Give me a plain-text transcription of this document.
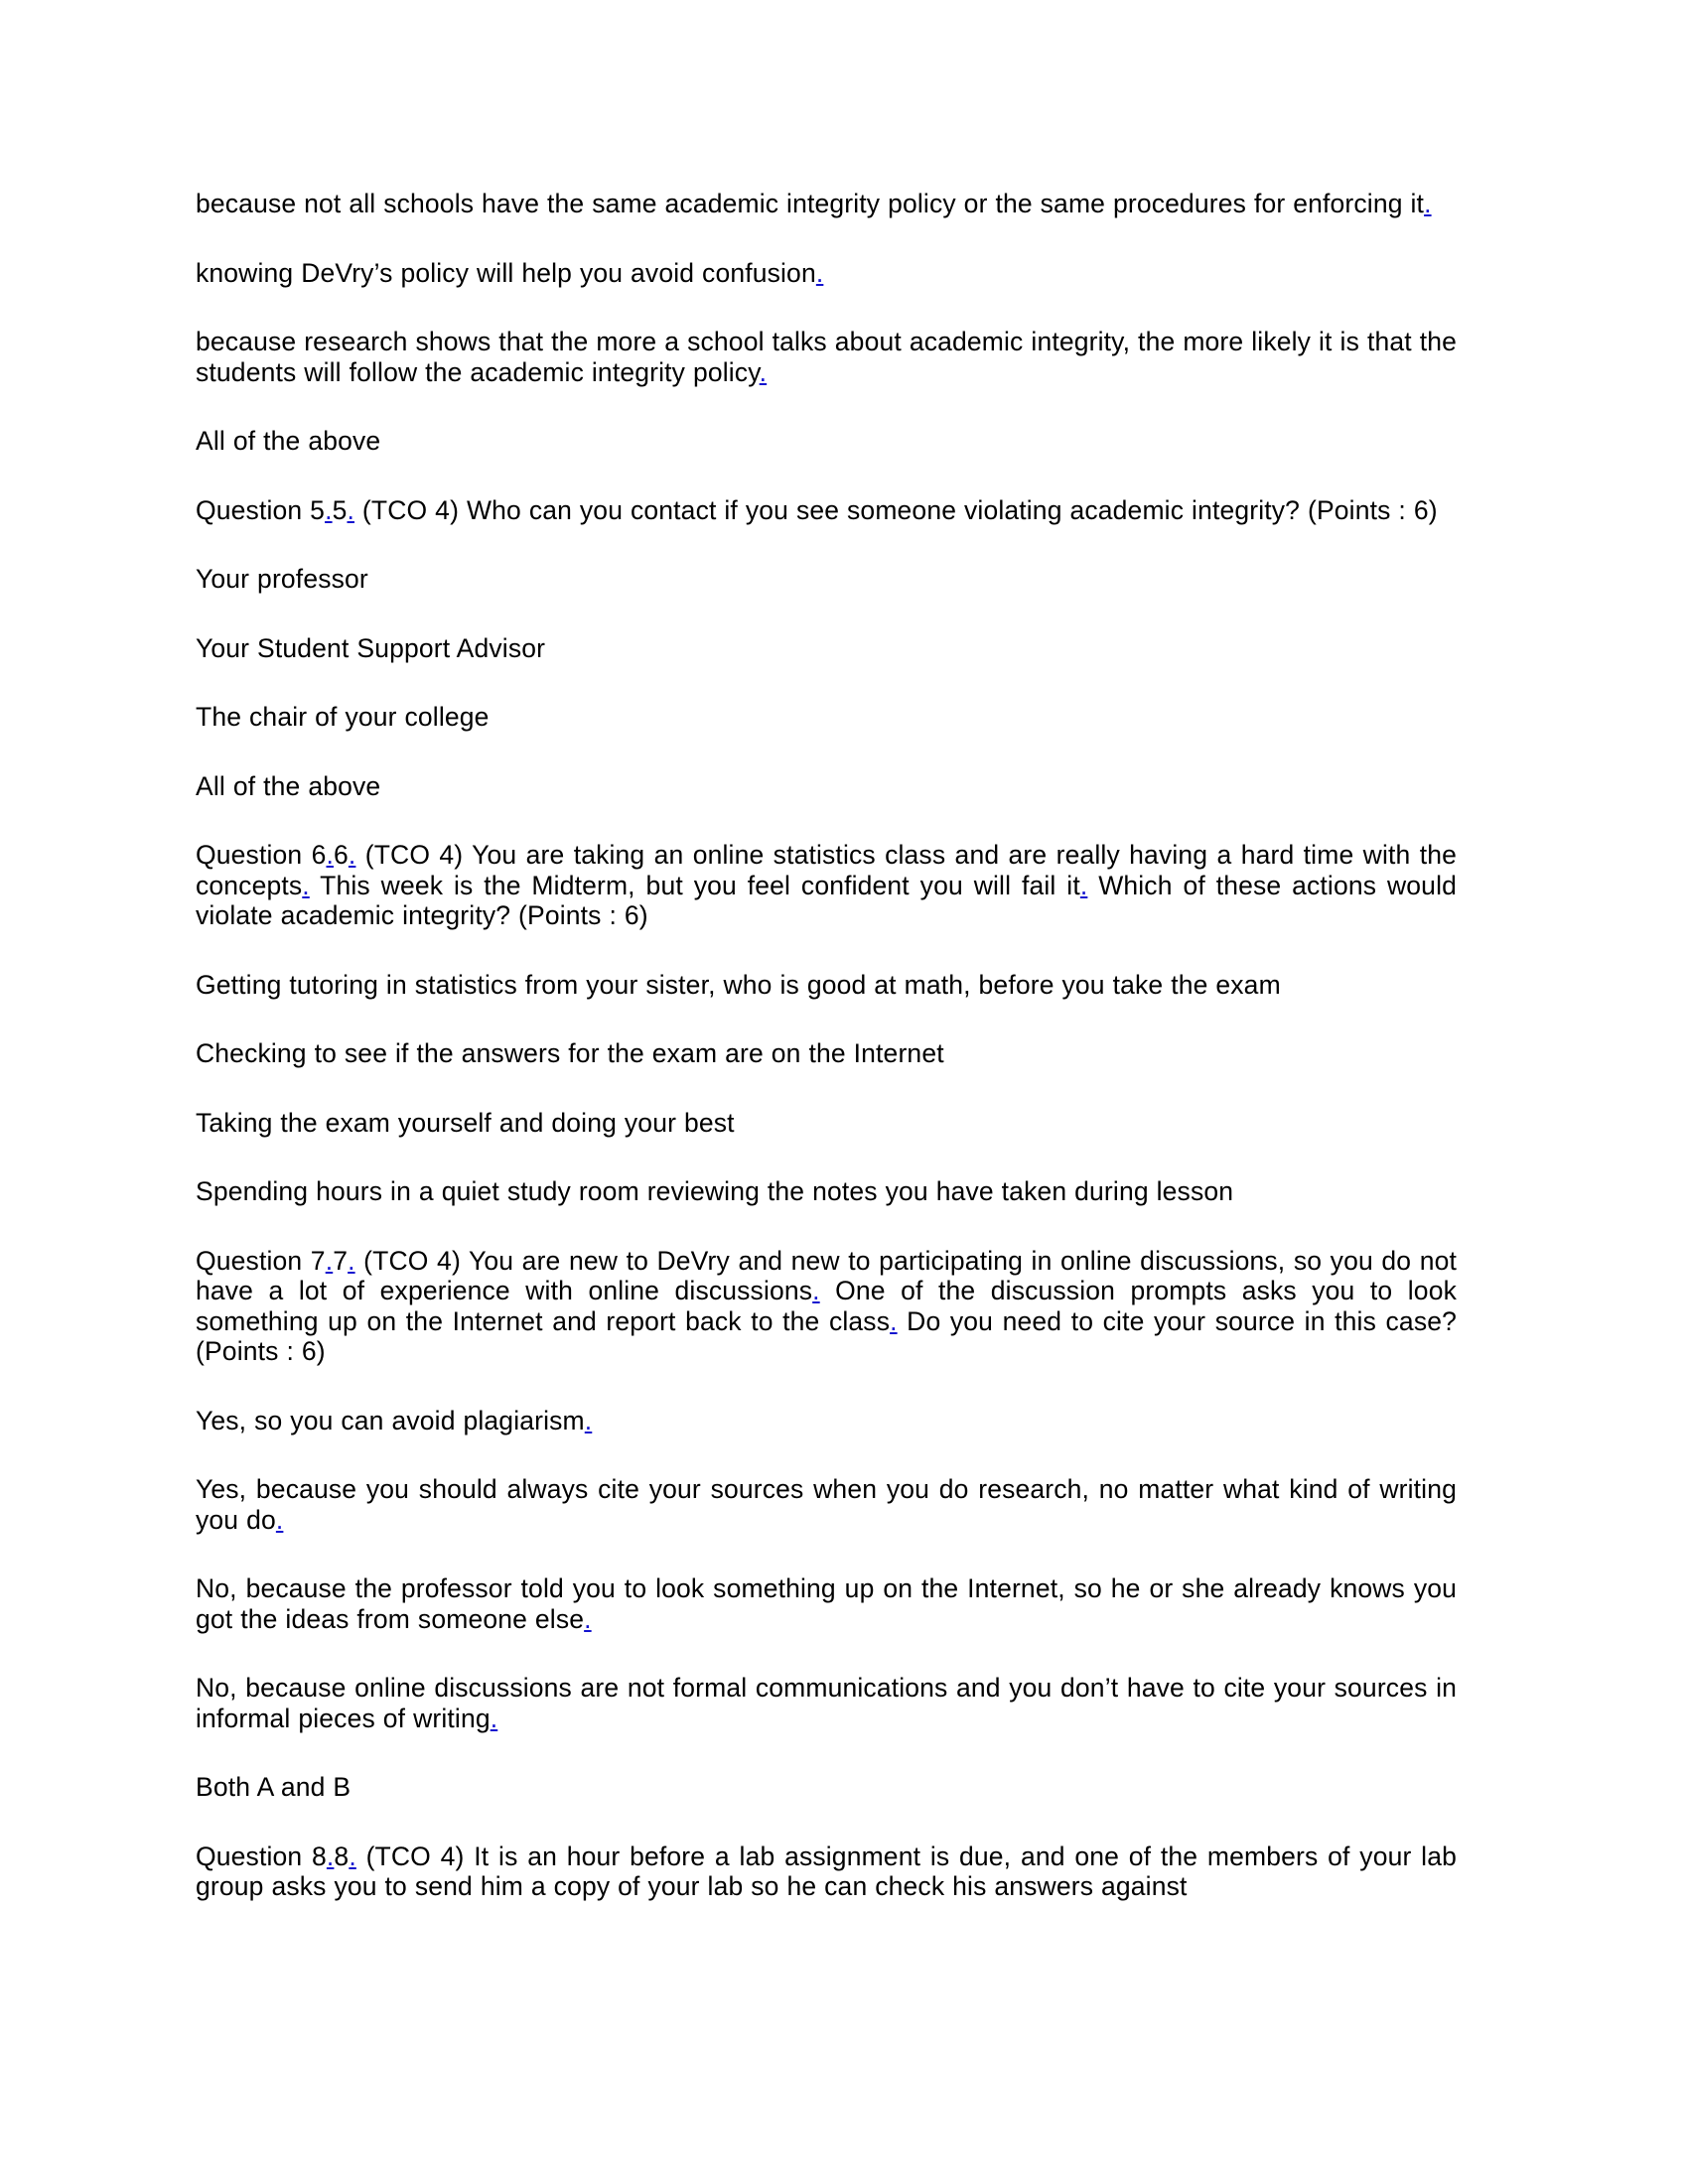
because not all schools have the same academic integrity policy or the same procedures for enforcing it.

knowing DeVry’s policy will help you avoid confusion.

because research shows that the more a school talks about academic integrity, the more likely it is that the students will follow the academic integrity policy.

All of the above

Question 5.5. (TCO 4) Who can you contact if you see someone violating academic integrity? (Points : 6)

Your professor

Your Student Support Advisor

The chair of your college

All of the above

Question 6.6. (TCO 4) You are taking an online statistics class and are really having a hard time with the concepts. This week is the Midterm, but you feel confident you will fail it. Which of these actions would violate academic integrity? (Points : 6)

Getting tutoring in statistics from your sister, who is good at math, before you take the exam

Checking to see if the answers for the exam are on the Internet

Taking the exam yourself and doing your best

Spending hours in a quiet study room reviewing the notes you have taken during lesson

Question 7.7. (TCO 4) You are new to DeVry and new to participating in online discussions, so you do not have a lot of experience with online discussions. One of the discussion prompts asks you to look something up on the Internet and report back to the class. Do you need to cite your source in this case? (Points : 6)

Yes, so you can avoid plagiarism.

Yes, because you should always cite your sources when you do research, no matter what kind of writing you do.

No, because the professor told you to look something up on the Internet, so he or she already knows you got the ideas from someone else.

No, because online discussions are not formal communications and you don’t have to cite your sources in informal pieces of writing.

Both A and B

Question 8.8. (TCO 4) It is an hour before a lab assignment is due, and one of the members of your lab group asks you to send him a copy of your lab so he can check his answers against
